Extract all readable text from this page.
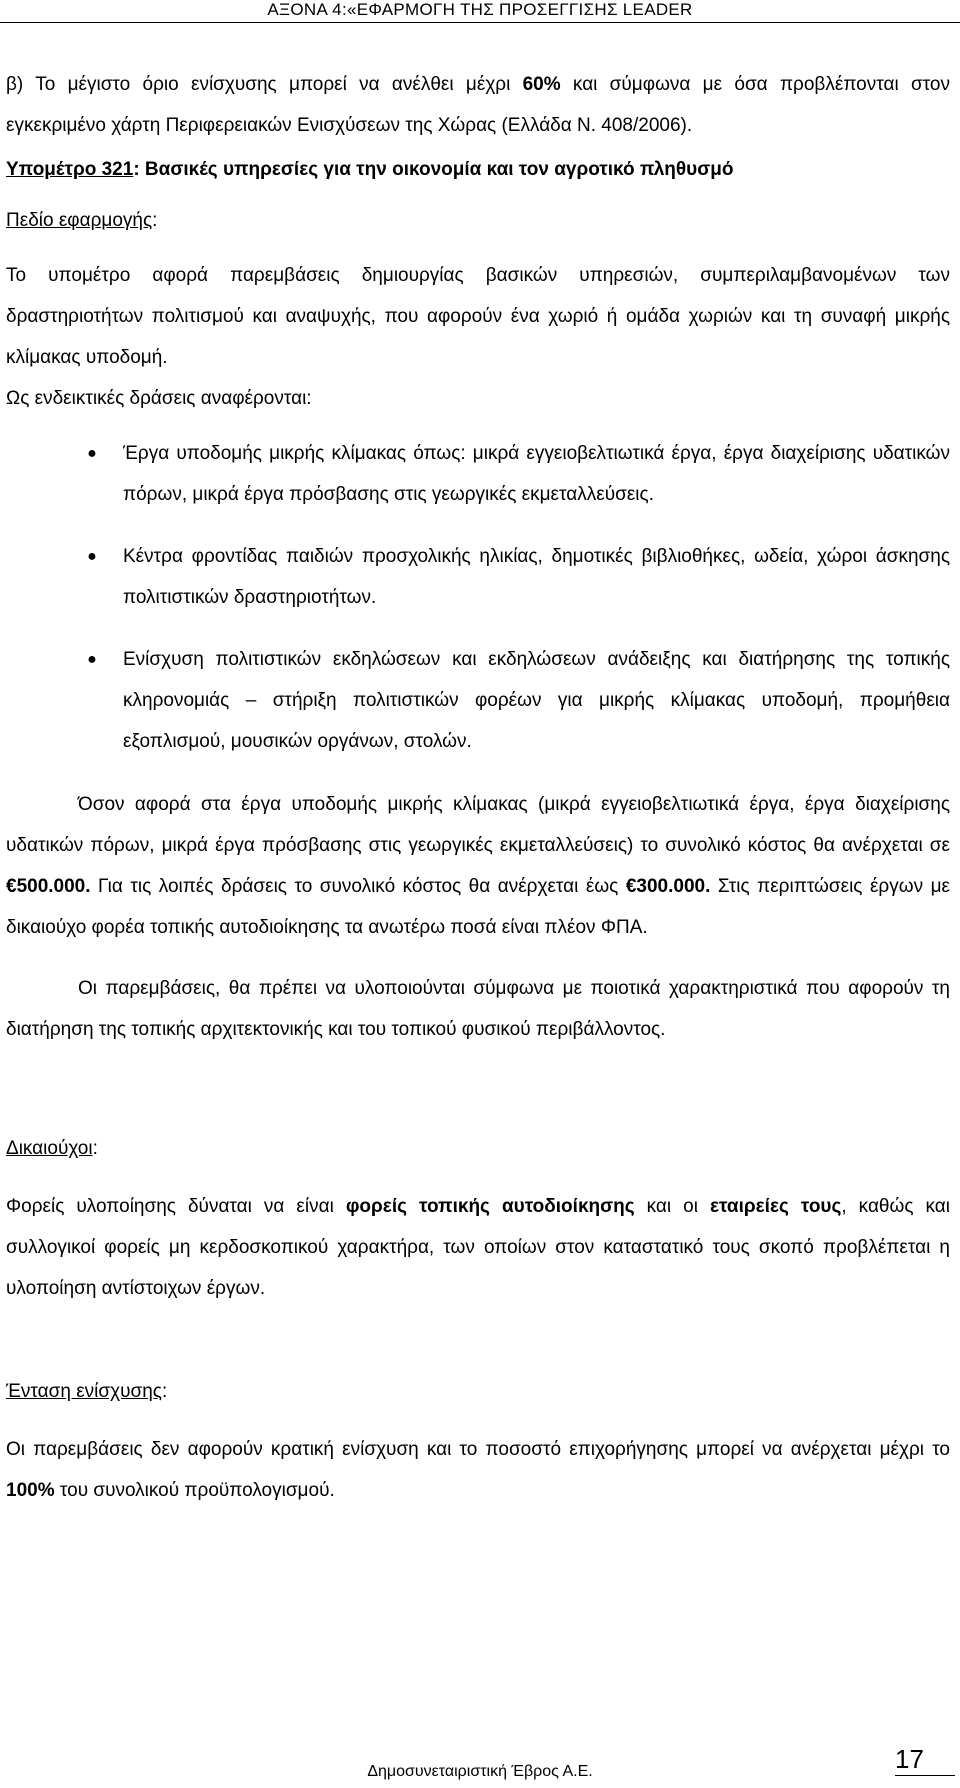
ΑΞΟΝΑ 4:«ΕΦΑΡΜΟΓΗ ΤΗΣ ΠΡΟΣΕΓΓΙΣΗΣ LEADER

β) Το μέγιστο όριο ενίσχυσης μπορεί να ανέλθει μέχρι 60% και σύμφωνα με όσα προβλέπονται στον εγκεκριμένο χάρτη Περιφερειακών Ενισχύσεων της Χώρας (Ελλάδα Ν. 408/2006).

Υπομέτρο 321: Βασικές υπηρεσίες για την οικονομία και τον αγροτικό πληθυσμό

Πεδίο εφαρμογής:

Το υπομέτρο αφορά παρεμβάσεις δημιουργίας βασικών υπηρεσιών, συμπεριλαμβανομένων των δραστηριοτήτων πολιτισμού και αναψυχής, που αφορούν ένα χωριό ή ομάδα χωριών και τη συναφή μικρής κλίμακας υποδομή.

Ως ενδεικτικές δράσεις αναφέρονται:

● Έργα υποδομής μικρής κλίμακας όπως: μικρά εγγειοβελτιωτικά έργα, έργα διαχείρισης υδατικών πόρων, μικρά έργα πρόσβασης στις γεωργικές εκμεταλλεύσεις.
● Κέντρα φροντίδας παιδιών προσχολικής ηλικίας, δημοτικές βιβλιοθήκες, ωδεία, χώροι άσκησης πολιτιστικών δραστηριοτήτων.
● Ενίσχυση πολιτιστικών εκδηλώσεων και εκδηλώσεων ανάδειξης και διατήρησης της τοπικής κληρονομιάς – στήριξη πολιτιστικών φορέων για μικρής κλίμακας υποδομή, προμήθεια εξοπλισμού, μουσικών οργάνων, στολών.

Όσον αφορά στα έργα υποδομής μικρής κλίμακας (μικρά εγγειοβελτιωτικά έργα, έργα διαχείρισης υδατικών πόρων, μικρά έργα πρόσβασης στις γεωργικές εκμεταλλεύσεις) το συνολικό κόστος θα ανέρχεται σε €500.000. Για τις λοιπές δράσεις το συνολικό κόστος θα ανέρχεται έως €300.000. Στις περιπτώσεις έργων με δικαιούχο φορέα τοπικής αυτοδιοίκησης τα ανωτέρω ποσά είναι πλέον ΦΠΑ.

Οι παρεμβάσεις, θα πρέπει να υλοποιούνται σύμφωνα με ποιοτικά χαρακτηριστικά που αφορούν τη διατήρηση της τοπικής αρχιτεκτονικής και του τοπικού φυσικού περιβάλλοντος.

Δικαιούχοι:

Φορείς υλοποίησης δύναται να είναι φορείς τοπικής αυτοδιοίκησης και οι εταιρείες τους, καθώς και συλλογικοί φορείς μη κερδοσκοπικού χαρακτήρα, των οποίων στον καταστατικό τους σκοπό προβλέπεται η υλοποίηση αντίστοιχων έργων.

Ένταση ενίσχυσης:

Οι παρεμβάσεις δεν αφορούν κρατική ενίσχυση και το ποσοστό επιχορήγησης μπορεί να ανέρχεται μέχρι το 100% του συνολικού προϋπολογισμού.

17
Δημοσυνεταιριστική Έβρος Α.Ε.
